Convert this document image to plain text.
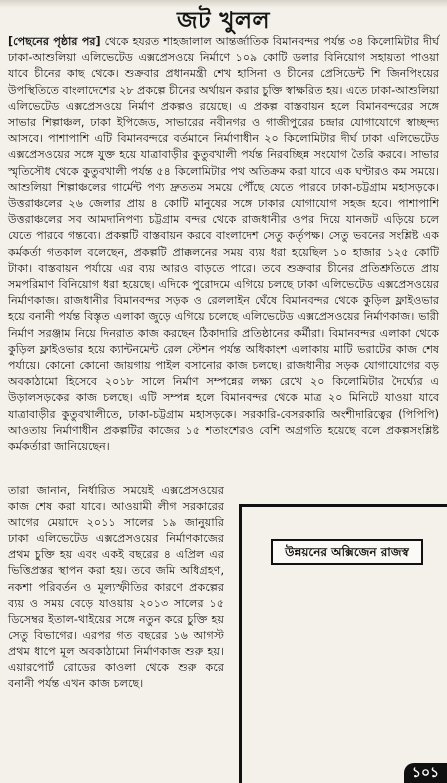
জট খুলল
[পেছনের পৃষ্ঠার পর] থেকে হযরত শাহজালাল আন্তর্জাতিক বিমানবন্দর পর্যন্ত ৩৪ কিলোমিটার দীর্ঘ ঢাকা-আশুলিয়া এলিভেটেড এক্সপ্রেসওয়ে নির্মাণে ১০৯ কোটি ডলার বিনিয়োগ সহায়তা পাওয়া যাবে চীনের কাছ থেকে। শুক্রবার প্রধানমন্ত্রী শেখ হাসিনা ও চীনের প্রেসিডেন্ট শি জিনপিংয়ের উপস্থিতিতে বাংলাদেশের ২৮ প্রকল্পে চীনের অর্থায়ন করার চুক্তি স্বাক্ষরিত হয়। এতে ঢাকা-আশুলিয়া এলিভেটেড এক্সপ্রেসওয়ে নির্মাণ প্রকল্পও রয়েছে। এ প্রকল্প বাস্তবায়ন হলে বিমানবন্দরের সঙ্গে সাভার শিল্পাঞ্চল, ঢাকা ইপিজেড, সাভারের নবীনগর ও গাজীপুরের চন্দ্রার যোগাযোগে স্বাচ্ছন্দ্য আসবে। পাশাপাশি এটি বিমানবন্দরে বর্তমানে নির্মাণাধীন ২০ কিলোমিটার দীর্ঘ ঢাকা এলিভেটেড এক্সপ্রেসওয়ের সঙ্গে যুক্ত হয়ে যাত্রাবাড়ীর কুতুবখালী পর্যন্ত নিরবচ্ছিন্ন সংযোগ তৈরি করবে। সাভার স্মৃতিসৌধ থেকে কুতুবখালী পর্যন্ত ৫৪ কিলোমিটার পথ অতিক্রম করা যাবে এক ঘণ্টারও কম সময়ে। আশুলিয়া শিল্পাঞ্চলের গার্মেন্ট পণ্য দ্রুততম সময়ে পৌঁছে যেতে পারবে ঢাকা-চট্টগ্রাম মহাসড়কে। উত্তরাঞ্চলের ২৬ জেলার প্রায় ৪ কোটি মানুষের সঙ্গে ঢাকার যোগাযোগ সহজ হবে। পাশাপাশি উত্তরাঞ্চলের সব আমদানিপণ্য চট্টগ্রাম বন্দর থেকে রাজধানীর ওপর দিয়ে যানজট এড়িয়ে চলে যেতে পারবে গন্তব্যে। প্রকল্পটি বাস্তবায়ন করবে বাংলাদেশ সেতু কর্তৃপক্ষ। সেতু ভবনের সংশ্লিষ্ট এক কর্মকর্তা গতকাল বলেছেন, প্রকল্পটি প্রাক্কলনের সময় ব্যয় ধরা হয়েছিল ১০ হাজার ১২৫ কোটি টাকা। বাস্তবায়ন পর্যায়ে এর ব্যয় আরও বাড়তে পারে। তবে শুক্রবার চীনের প্রতিশ্রুতিতে প্রায় সমপরিমাণ বিনিয়োগ ধরা হয়েছে। এদিকে পুরোদমে এগিয়ে চলছে ঢাকা এলিভেটেড এক্সপ্রেসওয়ের নির্মাণকাজ। রাজধানীর বিমানবন্দর সড়ক ও রেললাইন ঘেঁষে বিমানবন্দর থেকে কুড়িল ফ্লাইওভার হয়ে বনানী পর্যন্ত বিস্তৃত এলাকা জুড়ে এগিয়ে চলেছে এলিভেটেড এক্সপ্রেসওয়ের নির্মাণকাজ। ভারী নির্মাণ সরঞ্জাম নিয়ে দিনরাত কাজ করছেন ঠিকাদারি প্রতিষ্ঠানের কর্মীরা। বিমানবন্দর এলাকা থেকে কুড়িল ফ্লাইওভার হয়ে ক্যান্টনমেন্ট রেল স্টেশন পর্যন্ত অধিকাংশ এলাকায় মাটি ভরাটের কাজ শেষ পর্যায়ে। কোনো কোনো জায়গায় পাইল বসানোর কাজ চলছে। রাজধানীর সড়ক যোগাযোগের বড় অবকাঠামো হিসেবে ২০১৮ সালে নির্মাণ সম্পন্নের লক্ষ্য রেখে ২০ কিলোমিটার দৈর্ঘ্যের এ উড়ালসড়কের কাজ চলছে। এটি সম্পন্ন হলে বিমানবন্দর থেকে মাত্র ২০ মিনিটে যাওয়া যাবে যাত্রাবাড়ীর কুতুবখালীতে, ঢাকা-চট্টগ্রাম মহাসড়কে। সরকারি-বেসরকারি অংশীদারিত্বের (পিপিপি) আওতায় নির্মাণাধীন প্রকল্পটির কাজের ১৫ শতাংশেরও বেশি অগ্রগতি হয়েছে বলে প্রকল্পসংশ্লিষ্ট কর্মকর্তারা জানিয়েছেন।
তারা জানান, নির্ধারিত সময়েই এক্সপ্রেসওয়ের কাজ শেষ করা যাবে। আওয়ামী লীগ সরকারের আগের মেয়াদে ২০১১ সালের ১৯ জানুয়ারি ঢাকা এলিভেটেড এক্সপ্রেসওয়ের নির্মাণকাজের প্রথম চুক্তি হয় এবং একই বছরের ৪ এপ্রিল এর ভিত্তিপ্রস্তর স্থাপন করা হয়। তবে জমি অধিগ্রহণ, নকশা পরিবর্তন ও মূল্যস্ফীতির কারণে প্রকল্পের ব্যয় ও সময় বেড়ে যাওয়ায় ২০১৩ সালের ১৫ ডিসেম্বর ইতাল-থাইয়ের সঙ্গে নতুন করে চুক্তি হয় সেতু বিভাগের। এরপর গত বছরের ১৬ আগস্ট প্রথম ধাপে মূল অবকাঠামো নির্মাণকাজ শুরু হয়। এয়ারপোর্ট রোডের কাওলা থেকে শুরু করে বনানী পর্যন্ত এখন কাজ চলছে।
উন্নয়নের অক্সিজেন রাজস্ব
১০১
